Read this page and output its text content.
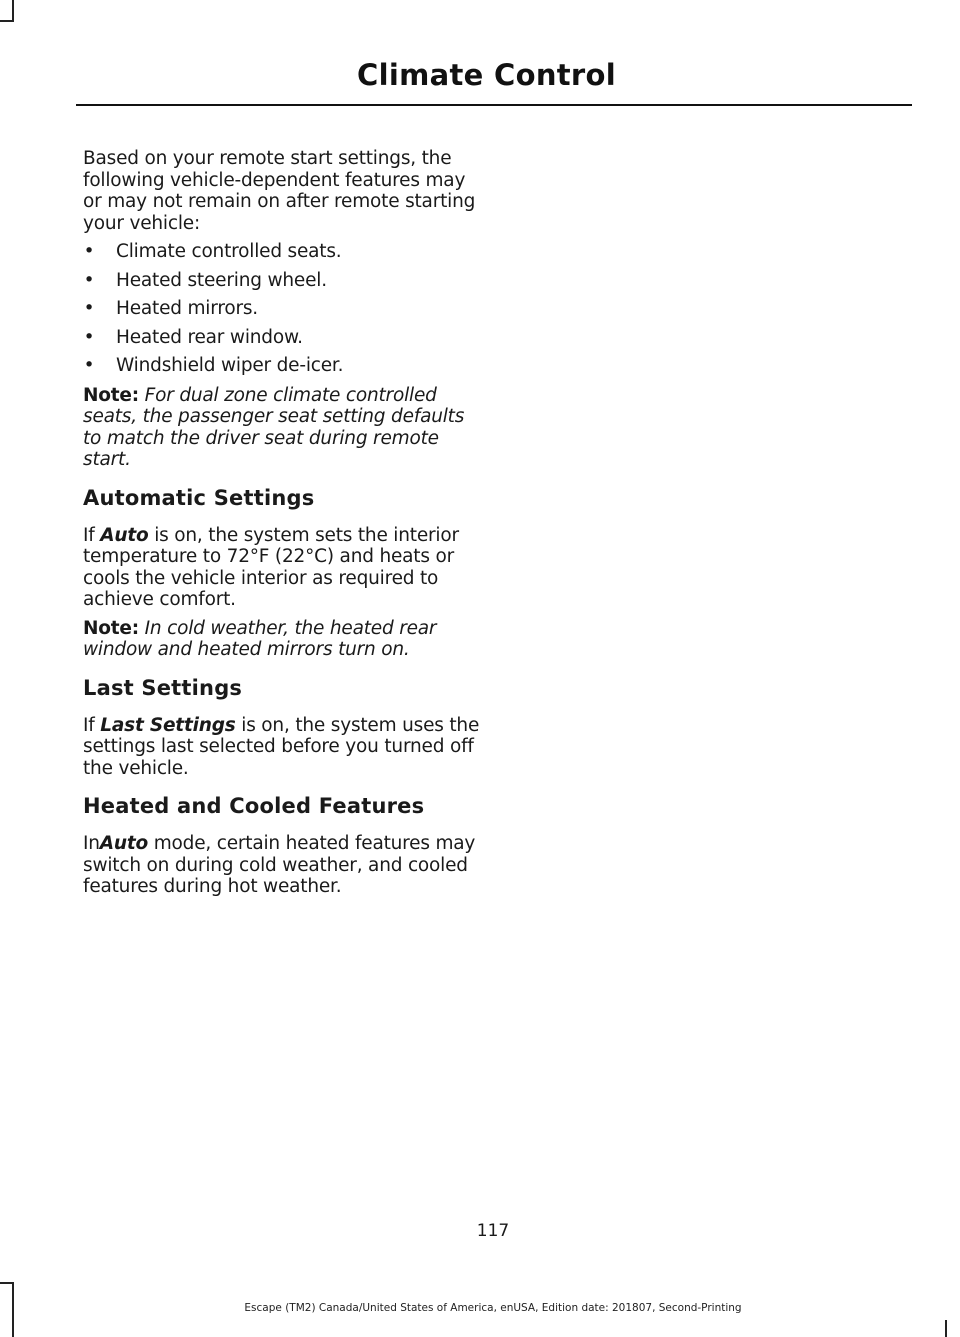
Climate Control

Based on your remote start settings, the following vehicle-dependent features may or may not remain on after remote starting your vehicle:

• Climate controlled seats.
• Heated steering wheel.
• Heated mirrors.
• Heated rear window.
• Windshield wiper de-icer.

Note: For dual zone climate controlled seats, the passenger seat setting defaults to match the driver seat during remote start.

Automatic Settings

If Auto is on, the system sets the interior temperature to 72°F (22°C) and heats or cools the vehicle interior as required to achieve comfort.

Note: In cold weather, the heated rear window and heated mirrors turn on.

Last Settings

If Last Settings is on, the system uses the settings last selected before you turned off the vehicle.

Heated and Cooled Features

InAuto mode, certain heated features may switch on during cold weather, and cooled features during hot weather.

117
Escape (TM2) Canada/United States of America, enUSA, Edition date: 201807, Second-Printing
